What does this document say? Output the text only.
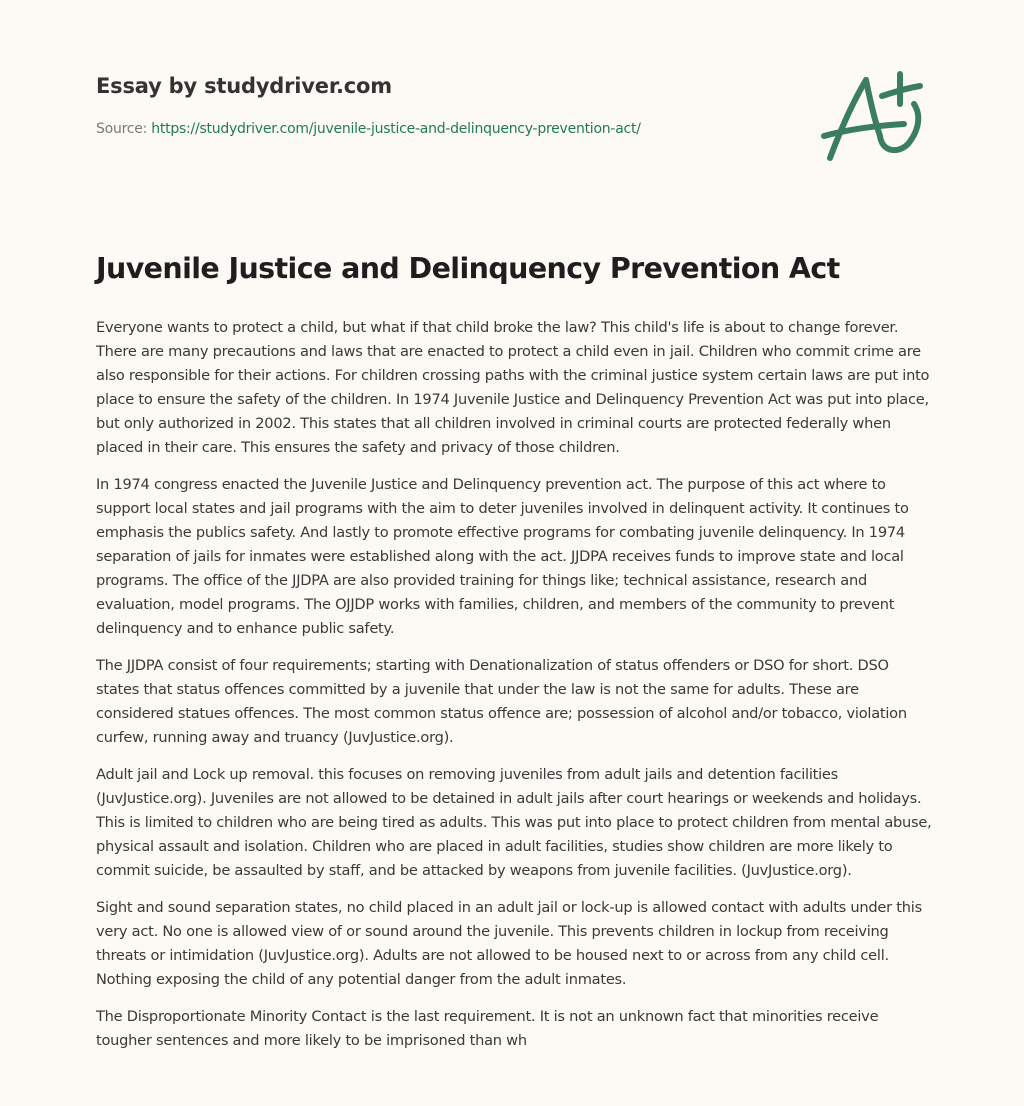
Essay by studydriver.com
Source: https://studydriver.com/juvenile-justice-and-delinquency-prevention-act/
Juvenile Justice and Delinquency Prevention Act

Everyone wants to protect a child, but what if that child broke the law? This child's life is about to change forever. There are many precautions and laws that are enacted to protect a child even in jail. Children who commit crime are also responsible for their actions. For children crossing paths with the criminal justice system certain laws are put into place to ensure the safety of the children. In 1974 Juvenile Justice and Delinquency Prevention Act was put into place, but only authorized in 2002. This states that all children involved in criminal courts are protected federally when placed in their care. This ensures the safety and privacy of those children.

In 1974 congress enacted the Juvenile Justice and Delinquency prevention act. The purpose of this act where to support local states and jail programs with the aim to deter juveniles involved in delinquent activity. It continues to emphasis the publics safety. And lastly to promote effective programs for combating juvenile delinquency. In 1974 separation of jails for inmates were established along with the act. JJDPA receives funds to improve state and local programs. The office of the JJDPA are also provided training for things like; technical assistance, research and evaluation, model programs. The OJJDP works with families, children, and members of the community to prevent delinquency and to enhance public safety.

The JJDPA consist of four requirements; starting with Denationalization of status offenders or DSO for short. DSO states that status offences committed by a juvenile that under the law is not the same for adults. These are considered statues offences. The most common status offence are; possession of alcohol and/or tobacco, violation curfew, running away and truancy (JuvJustice.org).

Adult jail and Lock up removal. this focuses on removing juveniles from adult jails and detention facilities (JuvJustice.org). Juveniles are not allowed to be detained in adult jails after court hearings or weekends and holidays. This is limited to children who are being tired as adults. This was put into place to protect children from mental abuse, physical assault and isolation. Children who are placed in adult facilities, studies show children are more likely to commit suicide, be assaulted by staff, and be attacked by weapons from juvenile facilities. (JuvJustice.org).

Sight and sound separation states, no child placed in an adult jail or lock-up is allowed contact with adults under this very act. No one is allowed view of or sound around the juvenile. This prevents children in lockup from receiving threats or intimidation (JuvJustice.org). Adults are not allowed to be housed next to or across from any child cell. Nothing exposing the child of any potential danger from the adult inmates.

The Disproportionate Minority Contact is the last requirement. It is not an unknown fact that minorities receive tougher sentences and more likely to be imprisoned than wh
